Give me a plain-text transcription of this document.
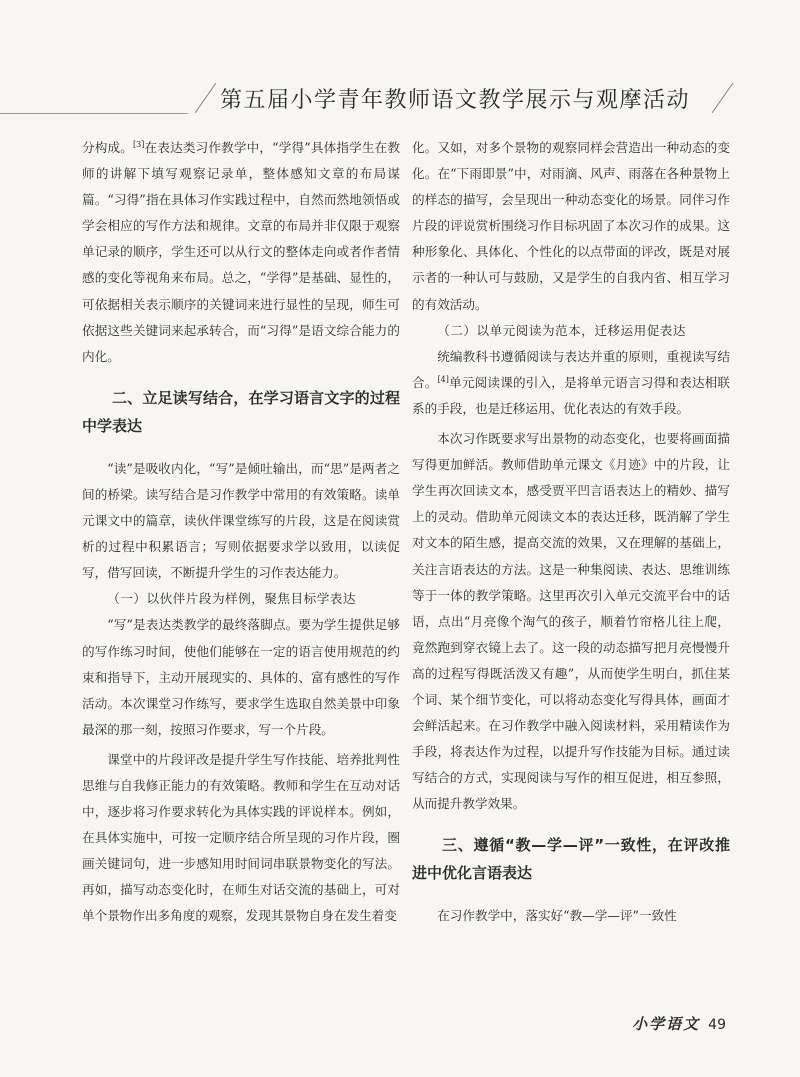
第五届小学青年教师语文教学展示与观摩活动

分构成。[3]在表达类习作教学中，“学得”具体指学生在教师的讲解下填写观察记录单，整体感知文章的布局谋篇。“习得”指在具体习作实践过程中，自然而然地领悟或学会相应的写作方法和规律。文章的布局并非仅限于观察单记录的顺序，学生还可以从行文的整体走向或者作者情感的变化等视角来布局。总之，“学得”是基础、显性的，可依据相关表示顺序的关键词来进行显性的呈现，师生可依据这些关键词来起承转合，而“习得”是语文综合能力的内化。

二、立足读写结合，在学习语言文字的过程中学表达

“读”是吸收内化，“写”是倾吐输出，而“思”是两者之间的桥梁。读写结合是习作教学中常用的有效策略。读单元课文中的篇章，读伙伴课堂练写的片段，这是在阅读赏析的过程中积累语言；写则依据要求学以致用，以读促写，借写回读，不断提升学生的习作表达能力。

（一）以伙伴片段为样例，聚焦目标学表达

“写”是表达类教学的最终落脚点。要为学生提供足够的写作练习时间，使他们能够在一定的语言使用规范的约束和指导下，主动开展现实的、具体的、富有感性的写作活动。本次课堂习作练写，要求学生选取自然美景中印象最深的那一刻，按照习作要求，写一个片段。

课堂中的片段评改是提升学生写作技能、培养批判性思维与自我修正能力的有效策略。教师和学生在互动对话中，逐步将习作要求转化为具体实践的评说样本。例如，在具体实施中，可按一定顺序结合所呈现的习作片段，圈画关键词句，进一步感知用时间词串联景物变化的写法。再如，描写动态变化时，在师生对话交流的基础上，可对单个景物作出多角度的观察，发现其景物自身在发生着变

化。又如，对多个景物的观察同样会营造出一种动态的变化。在“下雨即景”中，对雨滴、风声、雨落在各种景物上的样态的描写，会呈现出一种动态变化的场景。同伴习作片段的评说赏析围绕习作目标巩固了本次习作的成果。这种形象化、具体化、个性化的以点带面的评改，既是对展示者的一种认可与鼓励，又是学生的自我内省、相互学习的有效活动。

（二）以单元阅读为范本，迁移运用促表达

统编教科书遵循阅读与表达并重的原则，重视读写结合。[4]单元阅读课的引入，是将单元语言习得和表达相联系的手段，也是迁移运用、优化表达的有效手段。

本次习作既要求写出景物的动态变化，也要将画面描写得更加鲜活。教师借助单元课文《月迹》中的片段，让学生再次回读文本，感受贾平凹言语表达上的精妙、描写上的灵动。借助单元阅读文本的表达迁移，既消解了学生对文本的陌生感，提高交流的效果，又在理解的基础上，关注言语表达的方法。这是一种集阅读、表达、思维训练等于一体的教学策略。这里再次引入单元交流平台中的话语，点出“月亮像个淘气的孩子，顺着竹帘格儿往上爬，竟然跑到穿衣镜上去了。这一段的动态描写把月亮慢慢升高的过程写得既活泼又有趣”，从而使学生明白，抓住某个词、某个细节变化，可以将动态变化写得具体，画面才会鲜活起来。在习作教学中融入阅读材料，采用精读作为手段，将表达作为过程，以提升写作技能为目标。通过读写结合的方式，实现阅读与写作的相互促进，相互参照，从而提升教学效果。

三、遵循“教—学—评”一致性，在评改推进中优化言语表达

在习作教学中，落实好“教—学—评”一致性

小学语文 49
